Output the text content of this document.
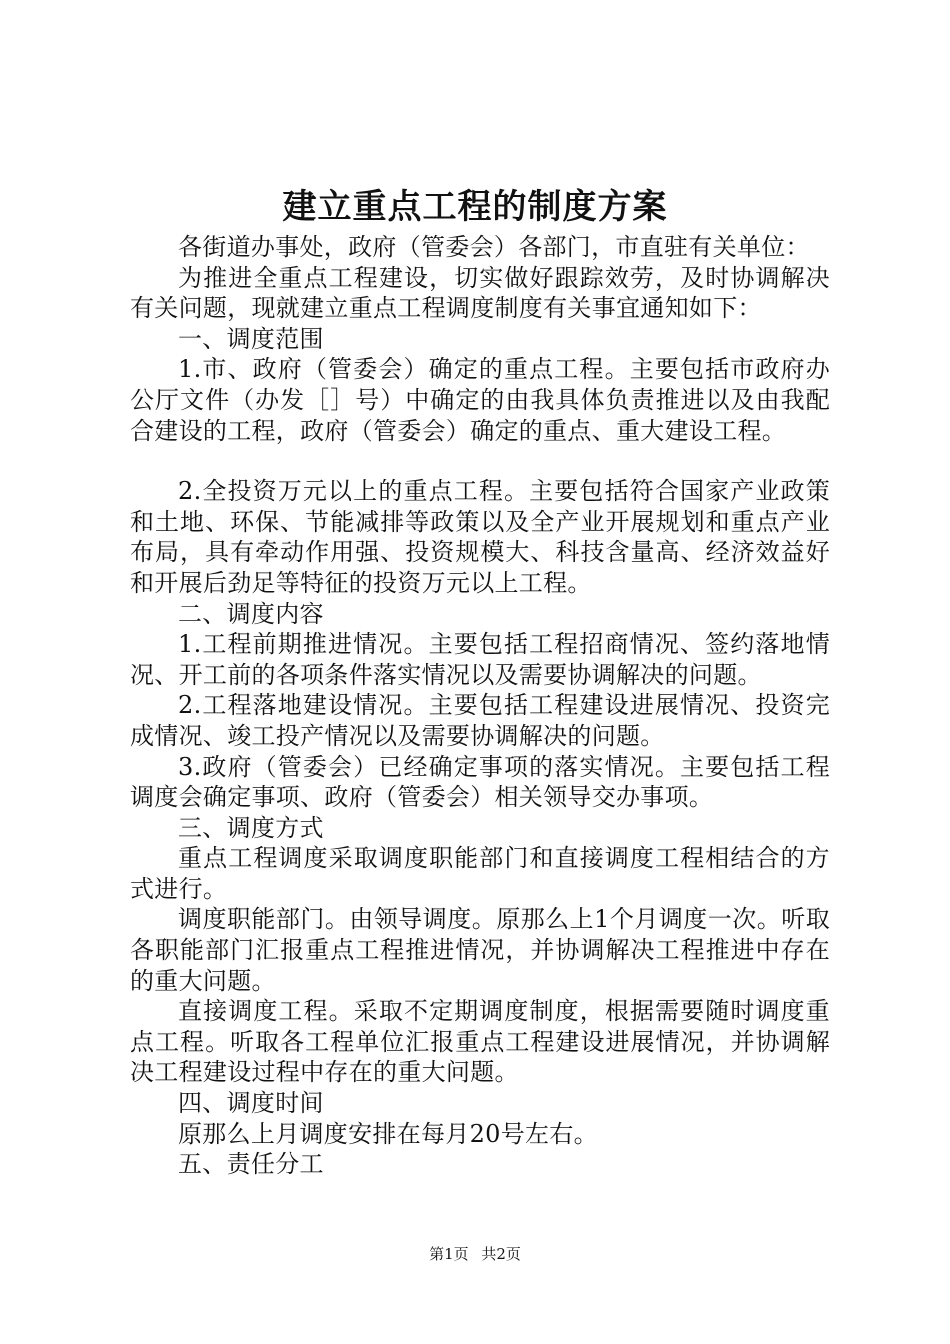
建立重点工程的制度方案

各街道办事处，政府（管委会）各部门，市直驻有关单位：

为推进全重点工程建设，切实做好跟踪效劳，及时协调解决有关问题，现就建立重点工程调度制度有关事宜通知如下：

一、调度范围

1.市、政府（管委会）确定的重点工程。主要包括市政府办公厅文件（办发［］号）中确定的由我具体负责推进以及由我配合建设的工程，政府（管委会）确定的重点、重大建设工程。

2.全投资万元以上的重点工程。主要包括符合国家产业政策和土地、环保、节能减排等政策以及全产业开展规划和重点产业布局，具有牵动作用强、投资规模大、科技含量高、经济效益好和开展后劲足等特征的投资万元以上工程。

二、调度内容

1.工程前期推进情况。主要包括工程招商情况、签约落地情况、开工前的各项条件落实情况以及需要协调解决的问题。

2.工程落地建设情况。主要包括工程建设进展情况、投资完成情况、竣工投产情况以及需要协调解决的问题。

3.政府（管委会）已经确定事项的落实情况。主要包括工程调度会确定事项、政府（管委会）相关领导交办事项。

三、调度方式

重点工程调度采取调度职能部门和直接调度工程相结合的方式进行。

调度职能部门。由领导调度。原那么上1个月调度一次。听取各职能部门汇报重点工程推进情况，并协调解决工程推进中存在的重大问题。

直接调度工程。采取不定期调度制度，根据需要随时调度重点工程。听取各工程单位汇报重点工程建设进展情况，并协调解决工程建设过程中存在的重大问题。

四、调度时间

原那么上月调度安排在每月20号左右。

五、责任分工

第1页 共2页
